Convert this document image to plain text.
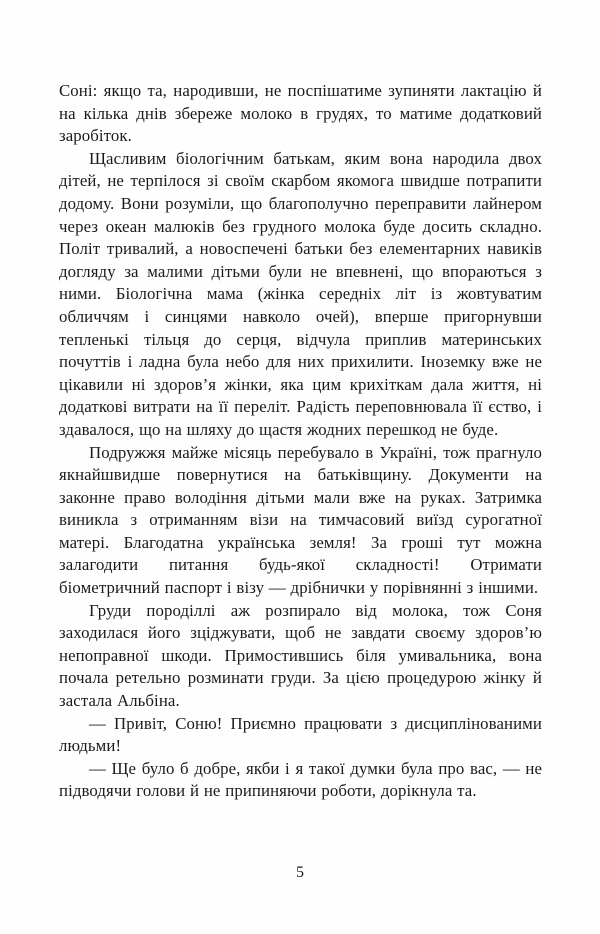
Соні: якщо та, народивши, не поспішатиме зупиняти лактацію й на кілька днів збереже молоко в грудях, то матиме додатковий заробіток.

Щасливим біологічним батькам, яким вона народила двох дітей, не терпілося зі своїм скарбом якомога швидше потрапити додому. Вони розуміли, що благополучно переправити лайнером через океан малюків без грудного молока буде досить складно. Політ тривалий, а новоспечені батьки без елементарних навиків догляду за малими дітьми були не впевнені, що впораються з ними. Біологічна мама (жінка середніх літ із жовтуватим обличчям і синцями навколо очей), вперше пригорнувши тепленькі тільця до серця, відчула приплив материнських почуттів і ладна була небо для них прихилити. Іноземку вже не цікавили ні здоров’я жінки, яка цим крихіткам дала життя, ні додаткові витрати на її переліт. Радість переповнювала її єство, і здавалося, що на шляху до щастя жодних перешкод не буде.

Подружжя майже місяць перебувало в Україні, тож прагнуло якнайшвидше повернутися на батьківщину. Документи на законне право володіння дітьми мали вже на руках. Затримка виникла з отриманням візи на тимчасовий виїзд сурогатної матері. Благодатна українська земля! За гроші тут можна залагодити питання будь-якої складності! Отримати біометричний паспорт і візу — дрібнички у порівнянні з іншими.

Груди породіллі аж розпирало від молока, тож Соня заходилася його зціджувати, щоб не завдати своєму здоров’ю непоправної шкоди. Примостившись біля умивальника, вона почала ретельно розминати груди. За цією процедурою жінку й застала Альбіна.

— Привіт, Соню! Приємно працювати з дисциплінованими людьми!

— Ще було б добре, якби і я такої думки була про вас, — не підводячи голови й не припиняючи роботи, дорікнула та.

5
